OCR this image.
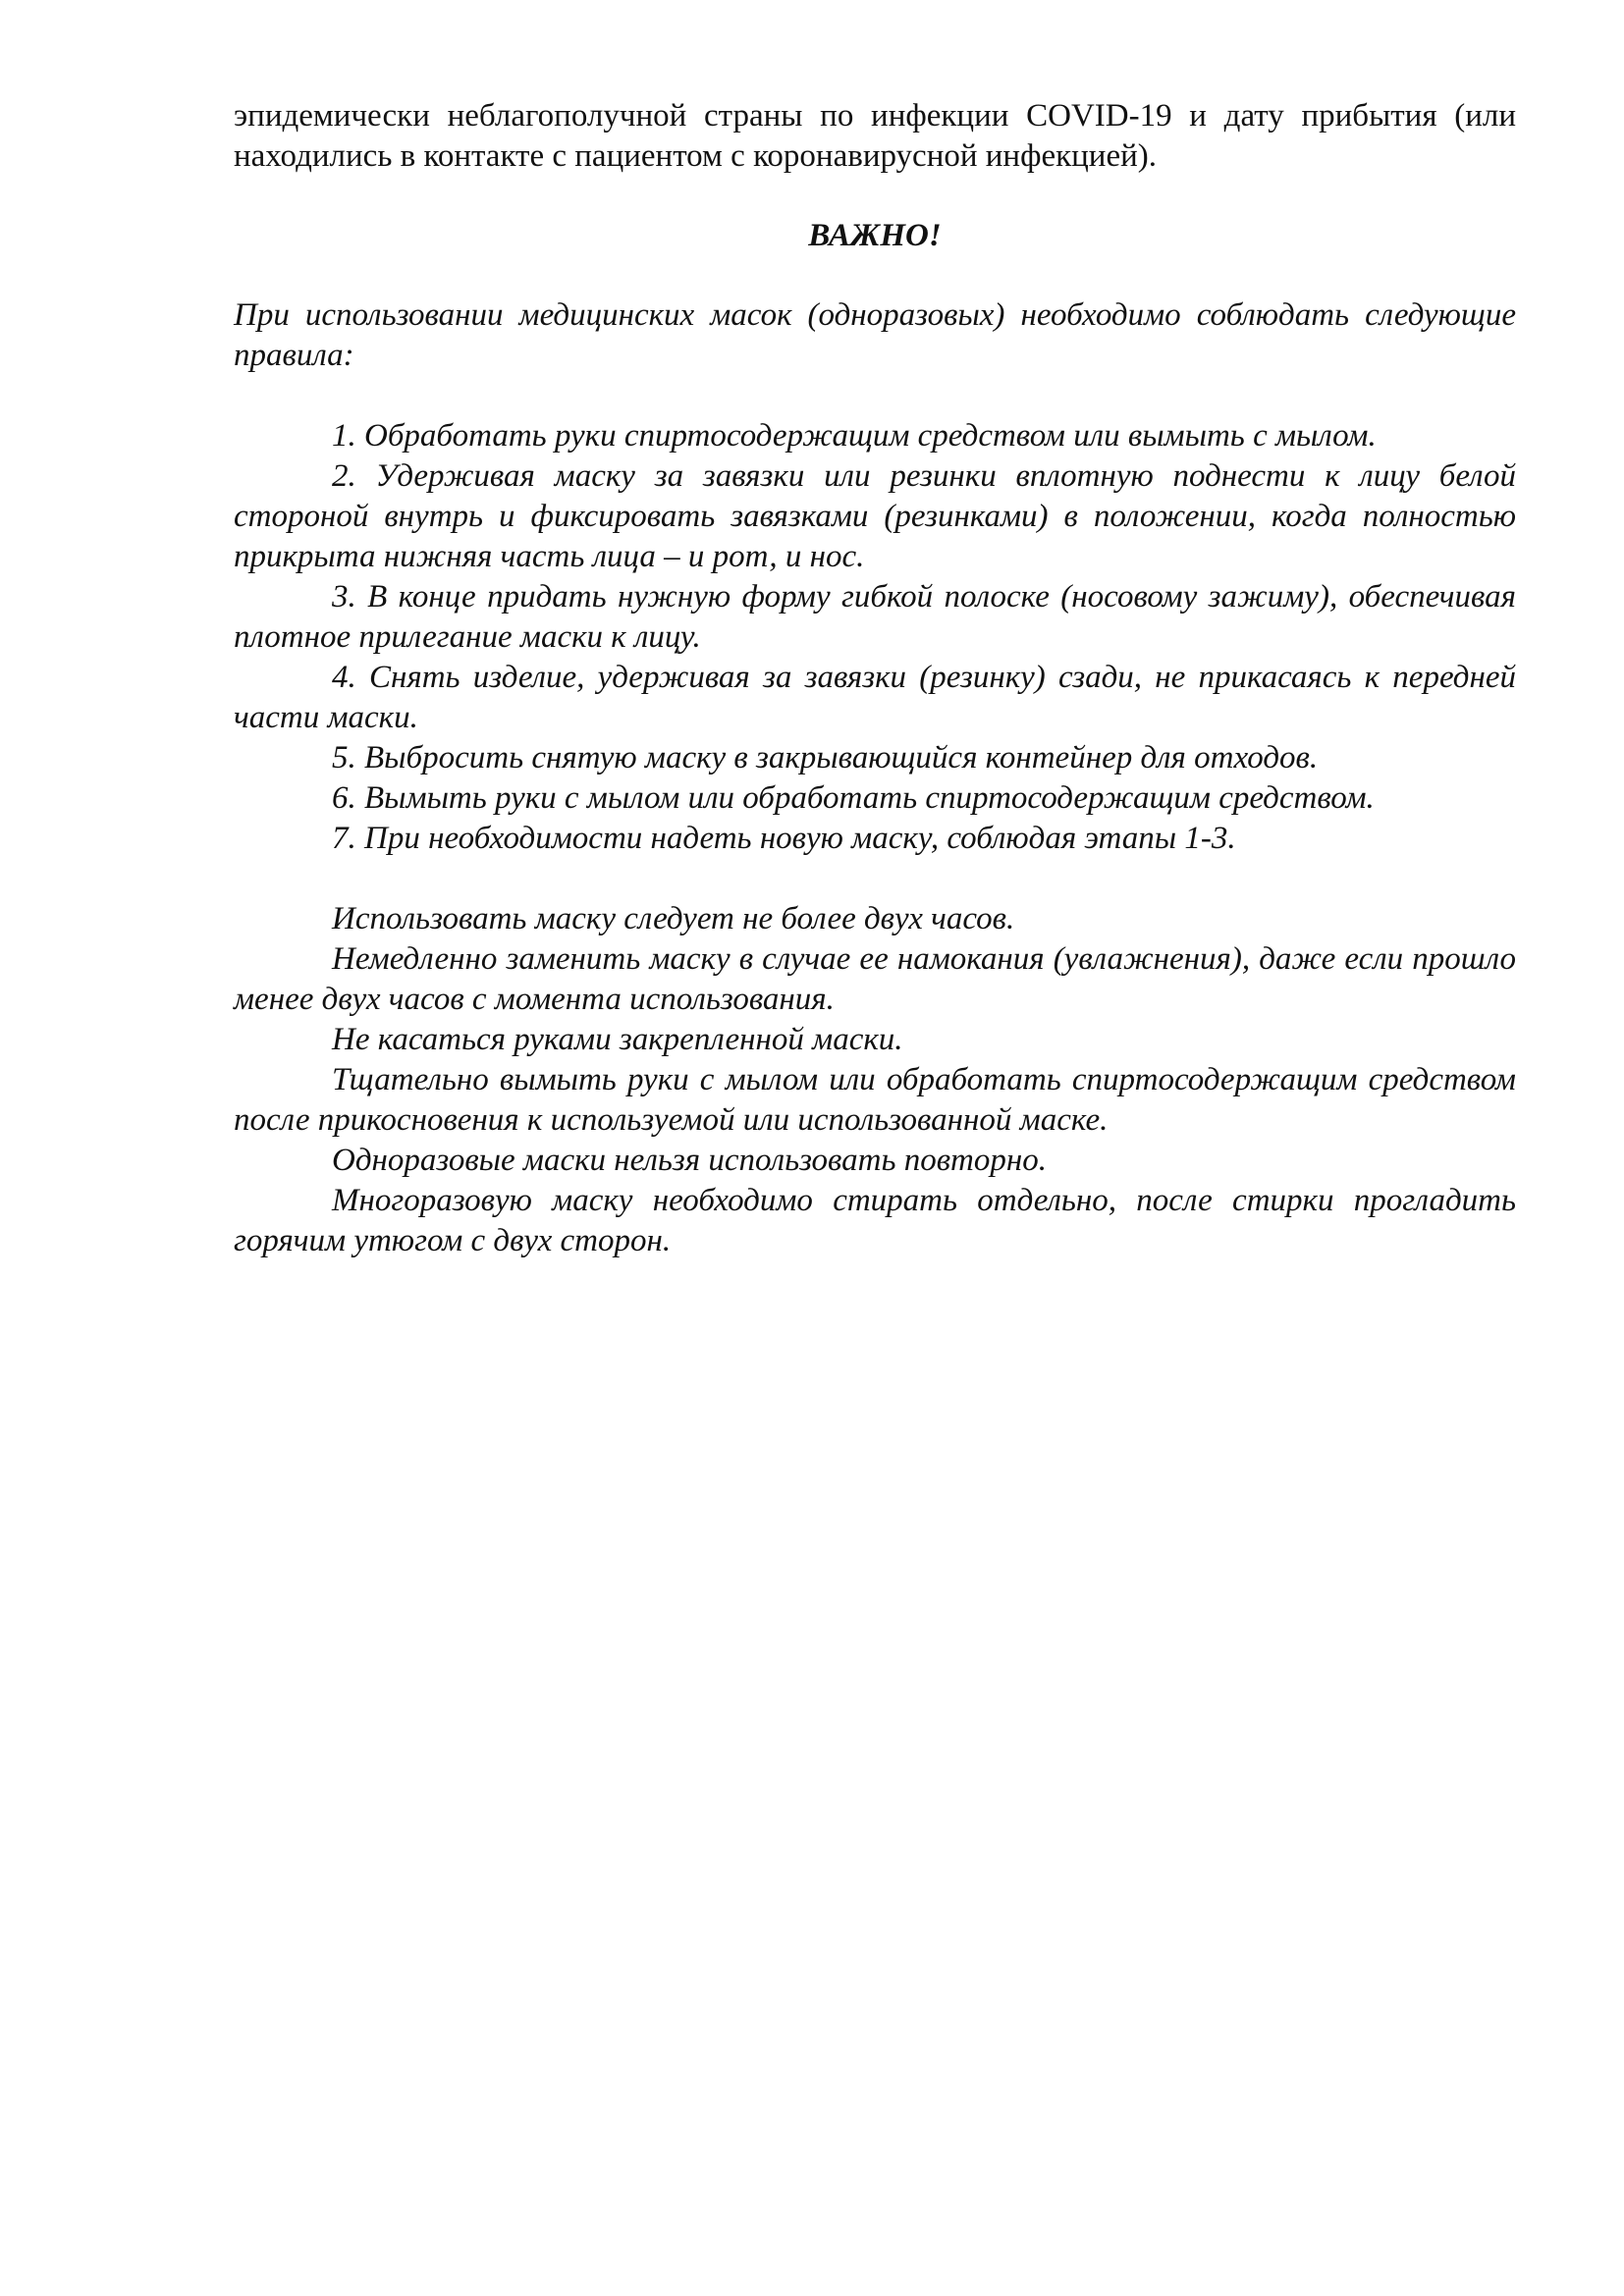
эпидемически неблагополучной страны по инфекции COVID-19 и дату прибытия (или находились в контакте с пациентом с коронавирусной инфекцией).

ВАЖНО!

При использовании медицинских масок (одноразовых) необходимо соблюдать следующие правила:

1. Обработать руки спиртосодержащим средством или вымыть с мылом.

2. Удерживая маску за завязки или резинки вплотную поднести к лицу белой стороной внутрь и фиксировать завязками (резинками) в положении, когда полностью прикрыта нижняя часть лица – и рот, и нос.

3. В конце придать нужную форму гибкой полоске (носовому зажиму), обеспечивая плотное прилегание маски к лицу.

4. Снять изделие, удерживая за завязки (резинку) сзади, не прикасаясь к передней части маски.

5. Выбросить снятую маску в закрывающийся контейнер для отходов.

6. Вымыть руки с мылом или обработать спиртосодержащим средством.

7. При необходимости надеть новую маску, соблюдая этапы 1-3.

Использовать маску следует не более двух часов.

Немедленно заменить маску в случае ее намокания (увлажнения), даже если прошло менее двух часов с момента использования.

Не касаться руками закрепленной маски.

Тщательно вымыть руки с мылом или обработать спиртосодержащим средством после прикосновения к используемой или использованной маске.

Одноразовые маски нельзя использовать повторно.

Многоразовую маску необходимо стирать отдельно, после стирки прогладить горячим утюгом с двух сторон.
